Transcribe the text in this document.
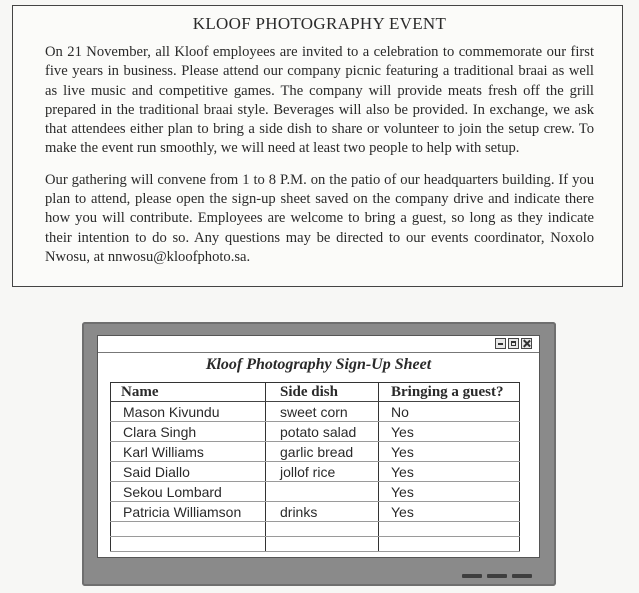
KLOOF PHOTOGRAPHY EVENT

On 21 November, all Kloof employees are invited to a celebration to commemorate our first five years in business. Please attend our company picnic featuring a traditional braai as well as live music and competitive games. The company will provide meats fresh off the grill prepared in the traditional braai style. Beverages will also be provided. In exchange, we ask that attendees either plan to bring a side dish to share or volunteer to join the setup crew. To make the event run smoothly, we will need at least two people to help with setup.

Our gathering will convene from 1 to 8 P.M. on the patio of our headquarters building. If you plan to attend, please open the sign-up sheet saved on the company drive and indicate there how you will contribute. Employees are welcome to bring a guest, so long as they indicate their intention to do so. Any questions may be directed to our events coordinator, Noxolo Nwosu, at nnwosu@kloofphoto.sa.

Kloof Photography Sign-Up Sheet
Name	Side dish	Bringing a guest?
Mason Kivundu	sweet corn	No
Clara Singh	potato salad	Yes
Karl Williams	garlic bread	Yes
Said Diallo	jollof rice	Yes
Sekou Lombard		Yes
Patricia Williamson	drinks	Yes
